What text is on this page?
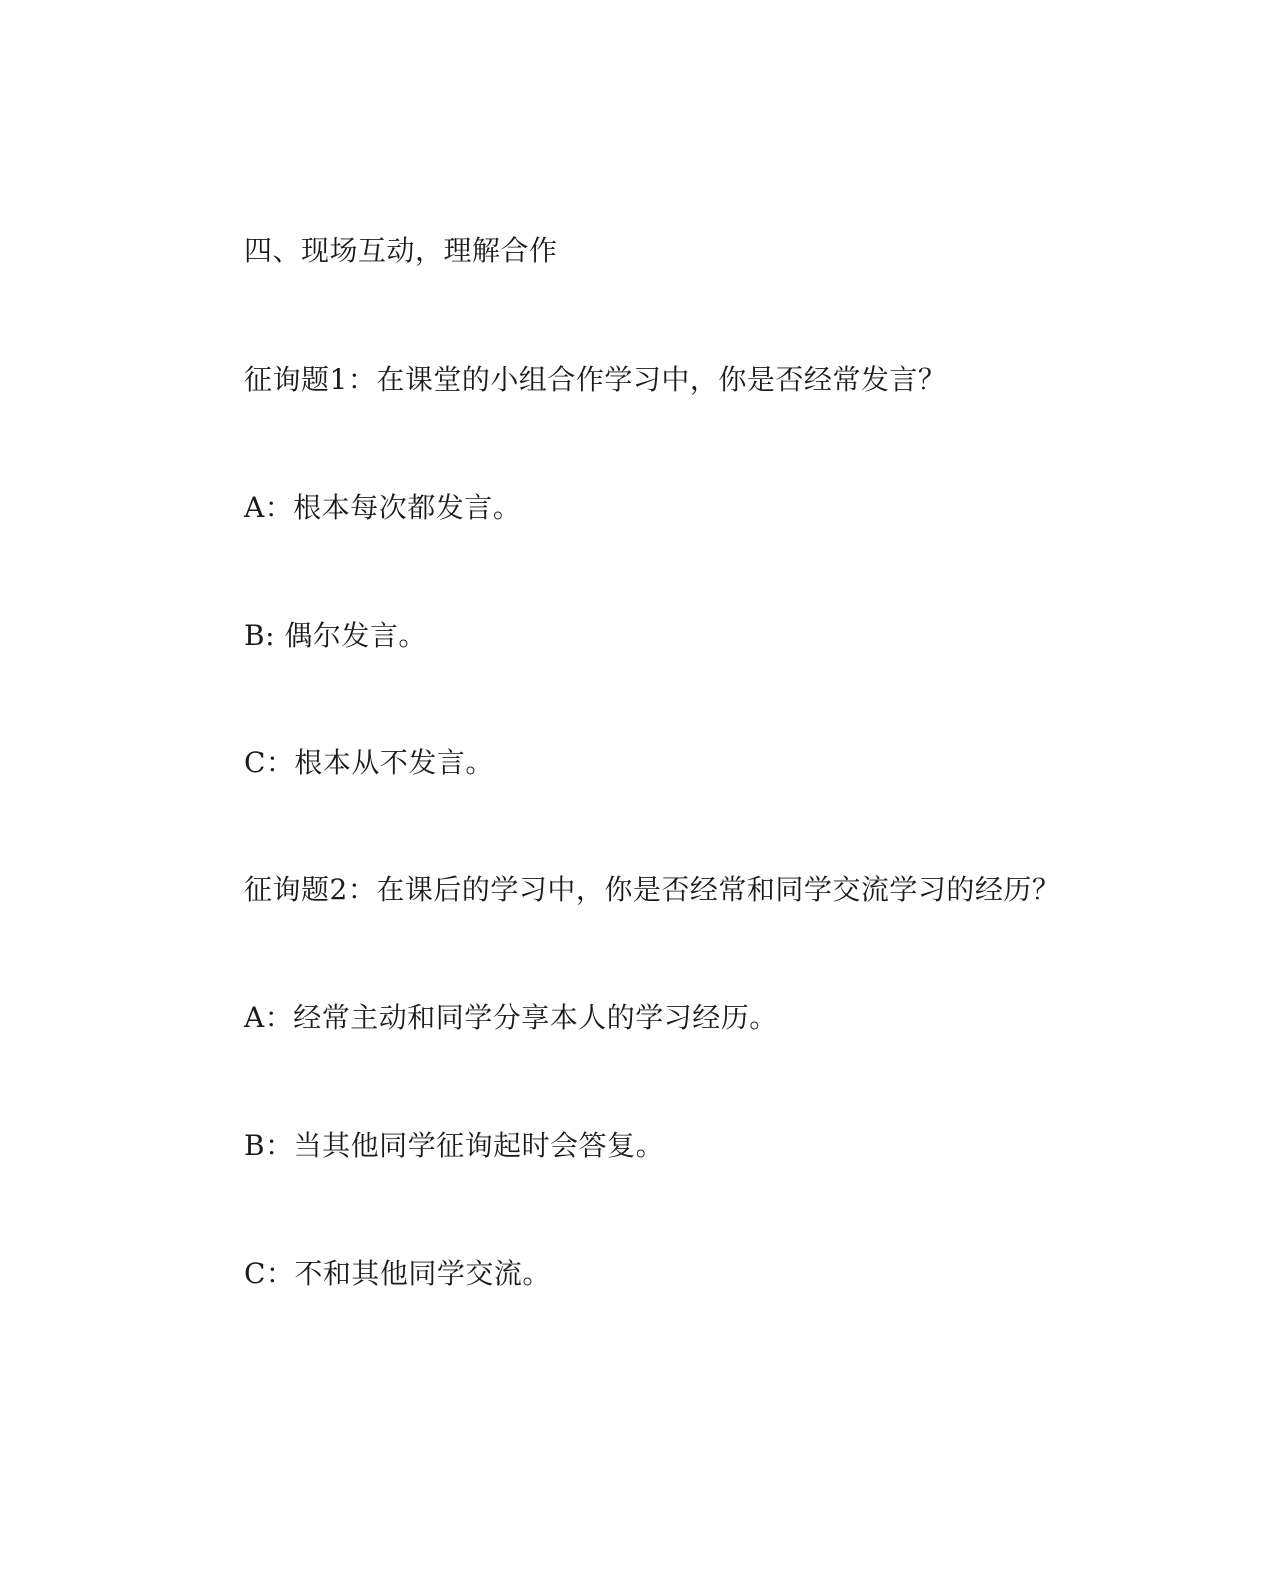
四、现场互动，理解合作
征询题1：在课堂的小组合作学习中，你是否经常发言？
A：根本每次都发言。
B: 偶尔发言。
C：根本从不发言。
征询题2：在课后的学习中，你是否经常和同学交流学习的经历？
A：经常主动和同学分享本人的学习经历。
B：当其他同学征询起时会答复。
C：不和其他同学交流。
